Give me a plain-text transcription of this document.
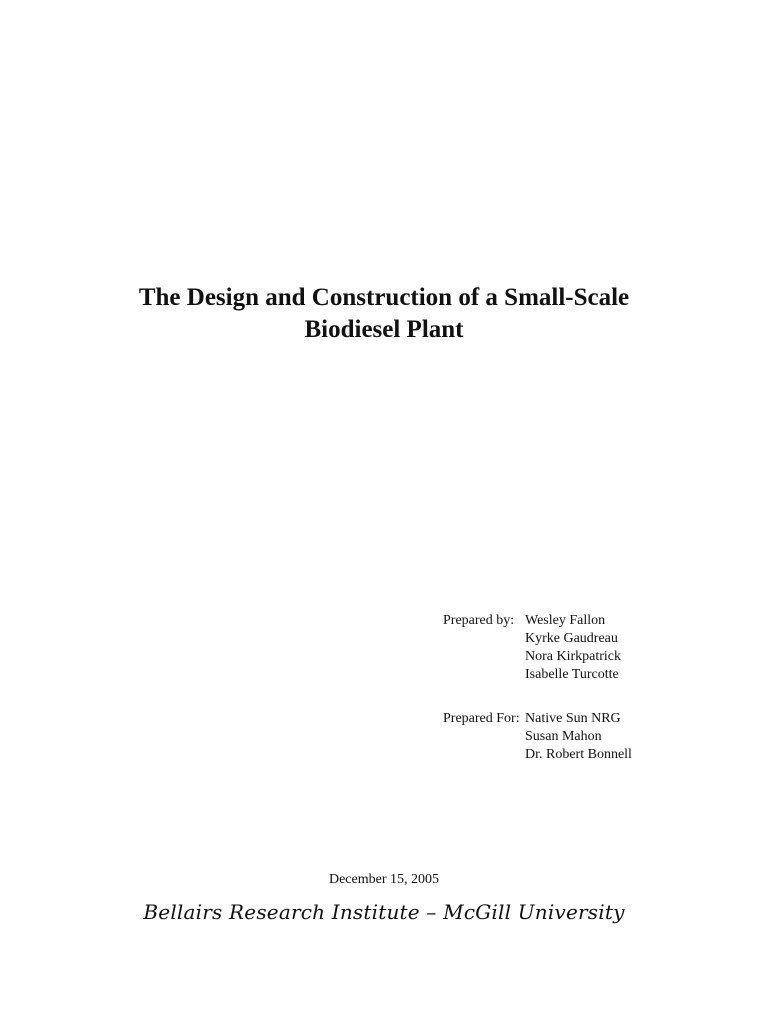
The Design and Construction of a Small-Scale
Biodiesel Plant
Prepared by: Wesley Fallon
Kyrke Gaudreau
Nora Kirkpatrick
Isabelle Turcotte
Prepared For: Native Sun NRG
Susan Mahon
Dr. Robert Bonnell
December 15, 2005
Bellairs Research Institute – McGill University
